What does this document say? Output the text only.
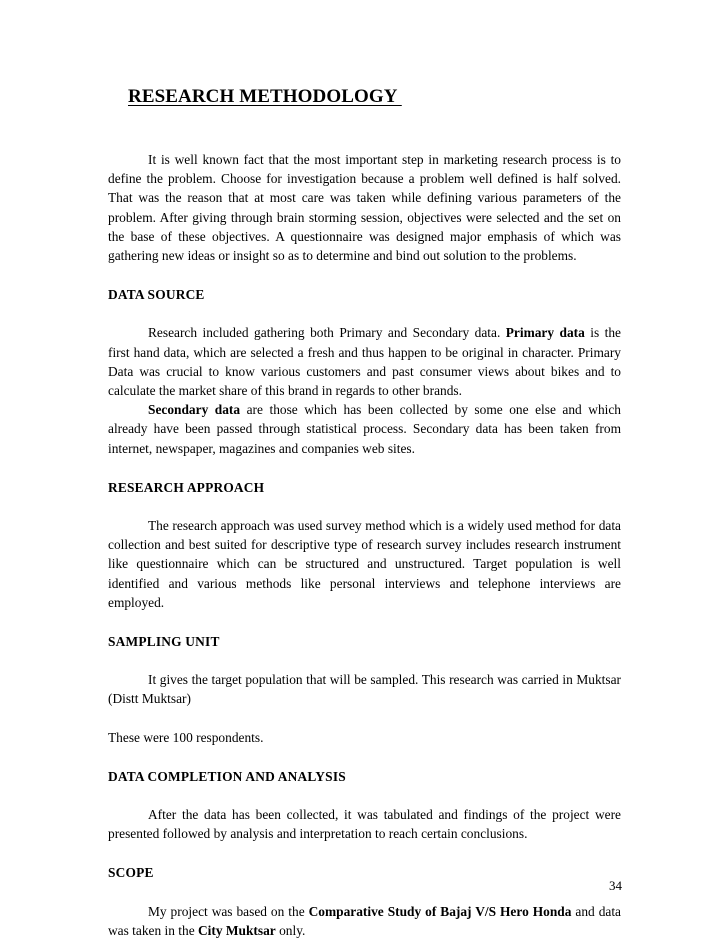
RESEARCH METHODOLOGY

It is well known fact that the most important step in marketing research process is to define the problem. Choose for investigation because a problem well defined is half solved. That was the reason that at most care was taken while defining various parameters of the problem. After giving through brain storming session, objectives were selected and the set on the base of these objectives. A questionnaire was designed major emphasis of which was gathering new ideas or insight so as to determine and bind out solution to the problems.

DATA SOURCE

Research included gathering both Primary and Secondary data. Primary data is the first hand data, which are selected a fresh and thus happen to be original in character. Primary Data was crucial to know various customers and past consumer views about bikes and to calculate the market share of this brand in regards to other brands.

Secondary data are those which has been collected by some one else and which already have been passed through statistical process. Secondary data has been taken from internet, newspaper, magazines and companies web sites.

RESEARCH APPROACH

The research approach was used survey method which is a widely used method for data collection and best suited for descriptive type of research survey includes research instrument like questionnaire which can be structured and unstructured. Target population is well identified and various methods like personal interviews and telephone interviews are employed.

SAMPLING UNIT

It gives the target population that will be sampled. This research was carried in Muktsar (Distt Muktsar)

These were 100 respondents.

DATA COMPLETION AND ANALYSIS

After the data has been collected, it was tabulated and findings of the project were presented followed by analysis and interpretation to reach certain conclusions.

SCOPE

My project was based on the Comparative Study of Bajaj V/S Hero Honda and data was taken in the City Muktsar only.

34
